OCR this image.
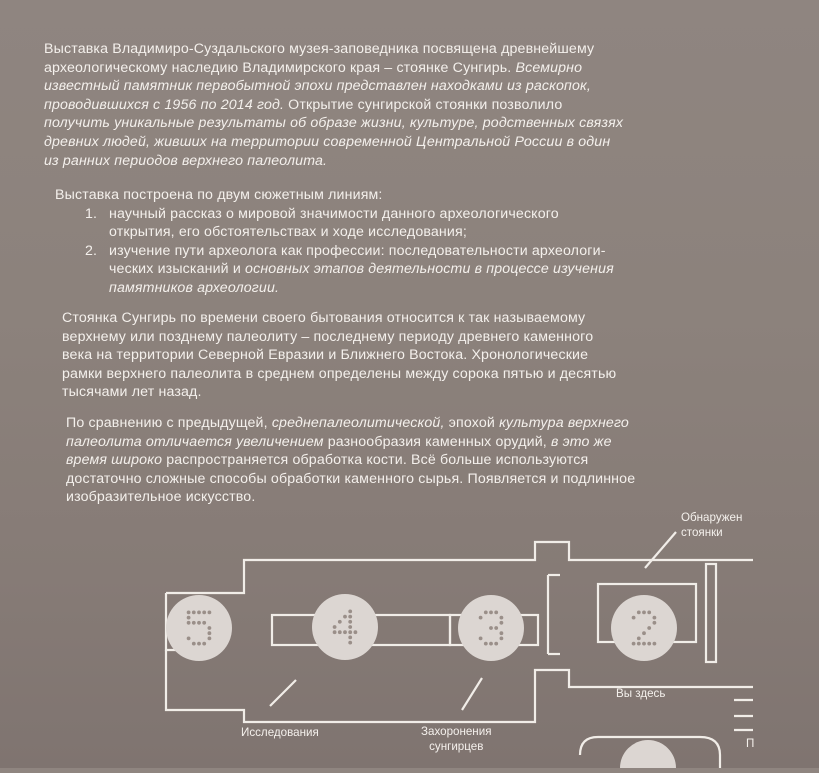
Выставка Владимиро-Суздальского музея-заповедника посвящена древнейшему
археологическому наследию Владимирского края – стоянке Сунгирь. Всемирно
известный памятник первобытной эпохи представлен находками из раскопок,
проводившихся с 1956 по 2014 год. Открытие сунгирской стоянки позволило
получить уникальные результаты об образе жизни, культуре, родственных связях
древних людей, живших на территории современной Центральной России в один
из ранних периодов верхнего палеолита.
Выставка построена по двум сюжетным линиям:
1. научный рассказ о мировой значимости данного археологического
открытия, его обстоятельствах и ходе исследования;
2. изучение пути археолога как профессии: последовательности археологи-
ческих изысканий и основных этапов деятельности в процессе изучения
памятников археологии.
Стоянка Сунгирь по времени своего бытования относится к так называемому
верхнему или позднему палеолиту – последнему периоду древнего каменного
века на территории Северной Евразии и Ближнего Востока. Хронологические
рамки верхнего палеолита в среднем определены между сорока пятью и десятью
тысячами лет назад.
По сравнению с предыдущей, среднепалеолитической, эпохой культура верхнего
палеолита отличается увеличением разнообразия каменных орудий, в это же
время широко распространяется обработка кости. Всё больше используются
достаточно сложные способы обработки каменного сырья. Появляется и подлинное
изобразительное искусство.
Обнаружен
стоянки
Вы здесь
Исследования	Захоронения
сунгирцев	П
